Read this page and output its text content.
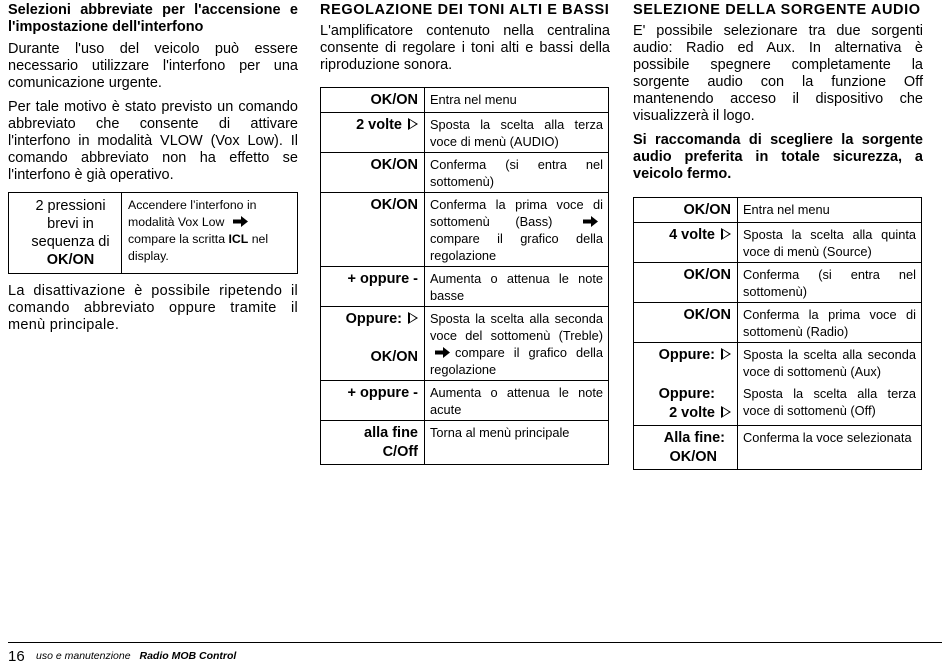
Selezioni abbreviate per l'accensione e l'impostazione dell'interfono

Durante l'uso del veicolo può essere necessario utilizzare l'interfono per una comunicazione urgente.

Per tale motivo è stato previsto un comando abbreviato che consente di attivare l'interfono in modalità VLOW (Vox Low). Il comando abbreviato non ha effetto se l'interfono è già operativo.

2 pressioni brevi in sequenza di
OK/ON	Accendere l’interfono in modalità Vox Low compare la scritta ICL nel display.

La disattivazione è possibile ripetendo il comando abbreviato oppure tramite il menù principale.

REGOLAZIONE DEI TONI ALTI E BASSI

L'amplificatore contenuto nella centralina consente di regolare i toni alti e bassi della riproduzione sonora.

OK/ON	Entra nel menu
2 volte	Sposta la scelta alla terza voce di menù (AUDIO)
OK/ON	Conferma (si entra nel sottomenù)
OK/ON	Conferma la prima voce di sottomenù (Bass) compare il grafico della regolazione
+ oppure -	Aumenta o attenua le note basse
Oppure:
OK/ON	Sposta la scelta alla seconda voce del sottomenù (Treble) compare il grafico della regolazione
+ oppure -	Aumenta o attenua le note acute
alla fine
C/Off	Torna al menù principale
SELEZIONE DELLA SORGENTE AUDIO

E' possibile selezionare tra due sorgenti audio: Radio ed Aux. In alternativa è possibile spegnere completamente la sorgente audio con la funzione Off mantenendo acceso il dispositivo che visualizzerà il logo.

Si raccomanda di scegliere la sorgente audio preferita in totale sicurezza, a veicolo fermo.

OK/ON	Entra nel menu
4 volte	Sposta la scelta alla quinta voce di menù (Source)
OK/ON	Conferma (si entra nel sottomenù)
OK/ON	Conferma la prima voce di sottomenù (Radio)
Oppure:	Sposta la scelta alla seconda voce di sottomenù (Aux)
Oppure:
2 volte	Sposta la scelta alla terza voce di sottomenù (Off)
Alla fine:
OK/ON	Conferma la voce selezionata
16 uso e manutenzione Radio MOB Control
